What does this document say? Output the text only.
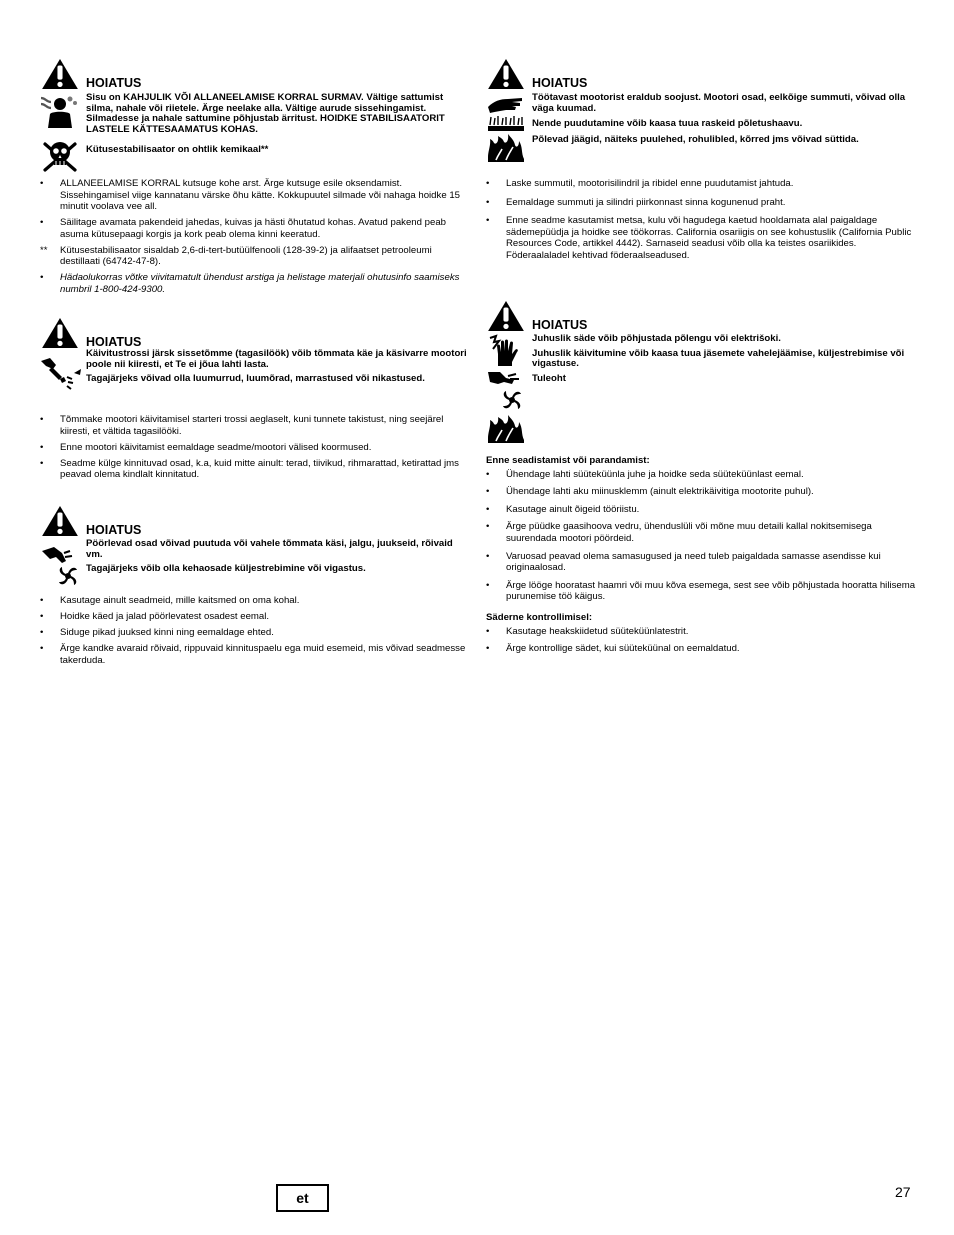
HOIATUS

Sisu on KAHJULIK VÕI ALLANEELAMISE KORRAL SURMAV. Vältige sattumist silma, nahale või riietele. Ärge neelake alla. Vältige aurude sissehingamist. Silmadesse ja nahale sattumine põhjustab ärritust. HOIDKE STABILISAATORIT LASTELE KÄTTESAAMATUS KOHAS.

Kütusestabilisaator on ohtlik kemikaal**

• ALLANEELAMISE KORRAL kutsuge kohe arst. Ärge kutsuge esile oksendamist. Sissehingamisel viige kannatanu värske õhu kätte. Kokkupuutel silmade või nahaga hoidke 15 minutit voolava vee all.
• Säilitage avamata pakendeid jahedas, kuivas ja hästi õhutatud kohas. Avatud pakend peab asuma kütusepaagi korgis ja kork peab olema kinni keeratud.
** Kütusestabilisaator sisaldab 2,6-di-tert-butüülfenooli (128-39-2) ja alifaatset petroolеumi destillaati (64742-47-8).
• Hädaolukorras võtke viivitamatult ühendust arstiga ja helistage materjali ohutusinfo saamiseks numbril 1-800-424-9300.
HOIATUS

Käivitustrossi järsk sissetõmme (tagasilöök) võib tõmmata käe ja käsivarre mootori poole nii kiiresti, et Te ei jõua lahti lasta.

Tagajärjeks võivad olla luumurrud, luumõrad, marrastused või nikastused.

• Tõmmake mootori käivitamisel starteri trossi aeglaselt, kuni tunnete takistust, ning seejärel kiiresti, et vältida tagasilööki.
• Enne mootori käivitamist eemaldage seadme/mootori välised koormused.
• Seadme külge kinnituvad osad, k.a, kuid mitte ainult: terad, tiivikud, rihmarattad, ketirattad jms peavad olema kindlalt kinnitatud.
HOIATUS

Pöörlevad osad võivad puutuda või vahele tõmmata käsi, jalgu, juukseid, rõivaid vm.

Tagajärjeks võib olla kehaosade küljestrebimine või vigastus.

• Kasutage ainult seadmeid, mille kaitsmed on oma kohal.
• Hoidke käed ja jalad pöörlevatest osadest eemal.
• Siduge pikad juuksed kinni ning eemaldage ehted.
• Ärge kandke avaraid rõivaid, rippuvaid kinnituspaelu ega muid esemeid, mis võivad seadmesse takerduda.
HOIATUS

Töötavast mootorist eraldub soojust. Mootori osad, eelkõige summuti, võivad olla väga kuumad.

Nende puudutamine võib kaasa tuua raskeid põletushaavu.

Põlevad jäägid, näiteks puulehed, rohulibled, kõrred jms võivad süttida.

• Laske summutil, mootorisilindril ja ribidel enne puudutamist jahtuda.
• Eemaldage summuti ja silindri piirkonnast sinna kogunenud praht.
• Enne seadme kasutamist metsa, kulu või hagudega kaetud hooldamata alal paigaldage sädemepüüdja ja hoidke see töökorras. California osariigis on see kohustuslik (California Public Resources Code, artikkel 4442). Sarnaseid seadusi võib olla ka teistes osariikides. Föderaalaladel kehtivad föderaalseadused.
HOIATUS

Juhuslik säde võib põhjustada põlengu või elektrišoki.

Juhuslik käivitumine võib kaasa tuua jäsemete vahelejäämise, küljestrebimise või vigastuse.

Tuleoht

Enne seadistamist või parandamist:
• Ühendage lahti süüteküünla juhe ja hoidke seda süüteküünlast eemal.
• Ühendage lahti aku miinusklemm (ainult elektrikäivitiga mootorite puhul).
• Kasutage ainult õigeid tööriistu.
• Ärge püüdke gaasihoova vedru, ühenduslüli või mõne muu detaili kallal nokitsemisega suurendada mootori pöördeid.
• Varuosad peavad olema samasugused ja need tuleb paigaldada samasse asendisse kui originaalosad.
• Ärge lööge hooratast haamri või muu kõva esemega, sest see võib põhjustada hooratta hilisema purunemise töö käigus.
Säderne kontrollimisel:
• Kasutage heakskiidetud süüteküünlatestrit.
• Ärge kontrollige sädet, kui süüteküünal on eemaldatud.
et	27
